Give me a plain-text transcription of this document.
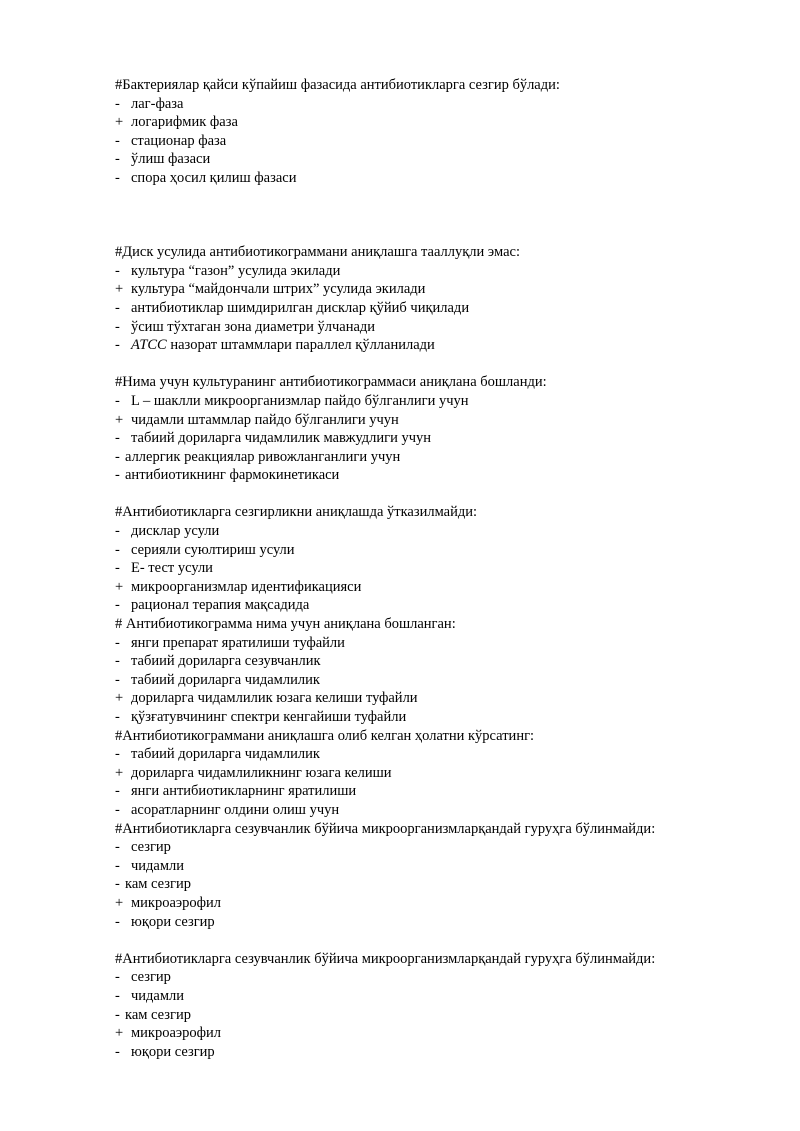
#Бактериялар қайси кўпайиш фазасида антибиотикларга сезгир бўлади:
- лаг-фаза
+ логарифмик фаза
- стационар фаза
- ўлиш фазаси
- спора ҳосил қилиш фазаси
#Диск усулида антибиотикограммани аниқлашга тааллуқли эмас:
- культура “газон” усулида экилади
+ культура “майдончали штрих” усулида экилади
- антибиотиклар шимдирилган дисклар қўйиб чиқилади
- ўсиш тўхтаган зона диаметри ўлчанади
- ATCC назорат штаммлари параллел қўлланилади
#Нима учун культуранинг антибиотикограммаси аниқлана бошланди:
- L – шаклли микроорганизмлар пайдо бўлганлиги учун
+ чидамли штаммлар пайдо бўлганлиги учун
- табиий дориларга чидамлилик мавжудлиги учун
- аллергик реакциялар ривожланганлиги учун
- антибиотикнинг фармокинетикаси
#Антибиотикларга сезгирликни аниқлашда ўтказилмайди:
- дисклар усули
- серияли суюлтириш усули
- E- тест усули
+ микроорганизмлар идентификацияси
- рационал терапия мақсадида
# Антибиотикограмма нима учун аниқлана бошланган:
- янги препарат яратилиши туфайли
- табиий дориларга сезувчанлик
- табиий дориларга чидамлилик
+ дориларга чидамлилик юзага келиши туфайли
- қўзғатувчининг спектри кенгайиши туфайли
#Антибиотикограммани аниқлашга олиб келган ҳолатни кўрсатинг:
- табиий дориларга чидамлилик
+ дориларга чидамлиликнинг юзага келиши
- янги антибиотикларнинг яратилиши
- асоратларнинг олдини олиш учун
#Антибиотикларга сезувчанлик бўйича микроорганизмларқандай гуруҳга бўлинмайди:
- сезгир
- чидамли
- кам сезгир
+ микроаэрофил
- юқори сезгир
#Антибиотикларга сезувчанлик бўйича микроорганизмларқандай гуруҳга бўлинмайди:
- сезгир
- чидамли
- кам сезгир
+ микроаэрофил
- юқори сезгир
